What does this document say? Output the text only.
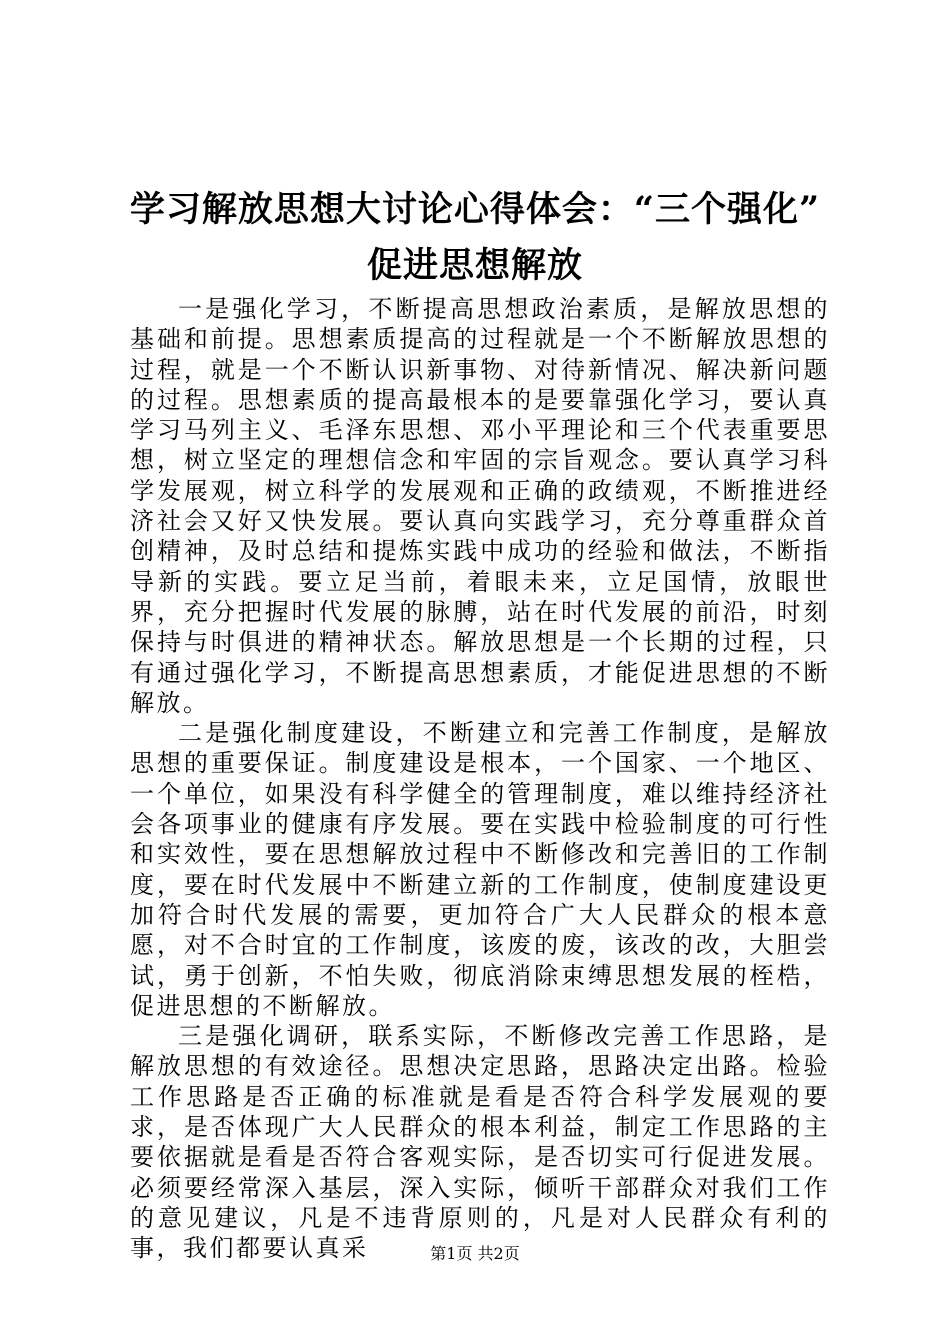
学习解放思想大讨论心得体会：“三个强化”
促进思想解放

一是强化学习，不断提高思想政治素质，是解放思想的基础和前提。思想素质提高的过程就是一个不断解放思想的过程，就是一个不断认识新事物、对待新情况、解决新问题的过程。思想素质的提高最根本的是要靠强化学习，要认真学习马列主义、毛泽东思想、邓小平理论和三个代表重要思想，树立坚定的理想信念和牢固的宗旨观念。要认真学习科学发展观，树立科学的发展观和正确的政绩观，不断推进经济社会又好又快发展。要认真向实践学习，充分尊重群众首创精神，及时总结和提炼实践中成功的经验和做法，不断指导新的实践。要立足当前，着眼未来，立足国情，放眼世界，充分把握时代发展的脉膊，站在时代发展的前沿，时刻保持与时俱进的精神状态。解放思想是一个长期的过程，只有通过强化学习，不断提高思想素质，才能促进思想的不断解放。

二是强化制度建设，不断建立和完善工作制度，是解放思想的重要保证。制度建设是根本，一个国家、一个地区、一个单位，如果没有科学健全的管理制度，难以维持经济社会各项事业的健康有序发展。要在实践中检验制度的可行性和实效性，要在思想解放过程中不断修改和完善旧的工作制度，要在时代发展中不断建立新的工作制度，使制度建设更加符合时代发展的需要，更加符合广大人民群众的根本意愿，对不合时宜的工作制度，该废的废，该改的改，大胆尝试，勇于创新，不怕失败，彻底消除束缚思想发展的桎梏，促进思想的不断解放。

三是强化调研，联系实际，不断修改完善工作思路，是解放思想的有效途径。思想决定思路，思路决定出路。检验工作思路是否正确的标准就是看是否符合科学发展观的要求，是否体现广大人民群众的根本利益，制定工作思路的主要依据就是看是否符合客观实际，是否切实可行促进发展。必须要经常深入基层，深入实际，倾听干部群众对我们工作的意见建议，凡是不违背原则的，凡是对人民群众有利的事，我们都要认真采	第1页 共2页
